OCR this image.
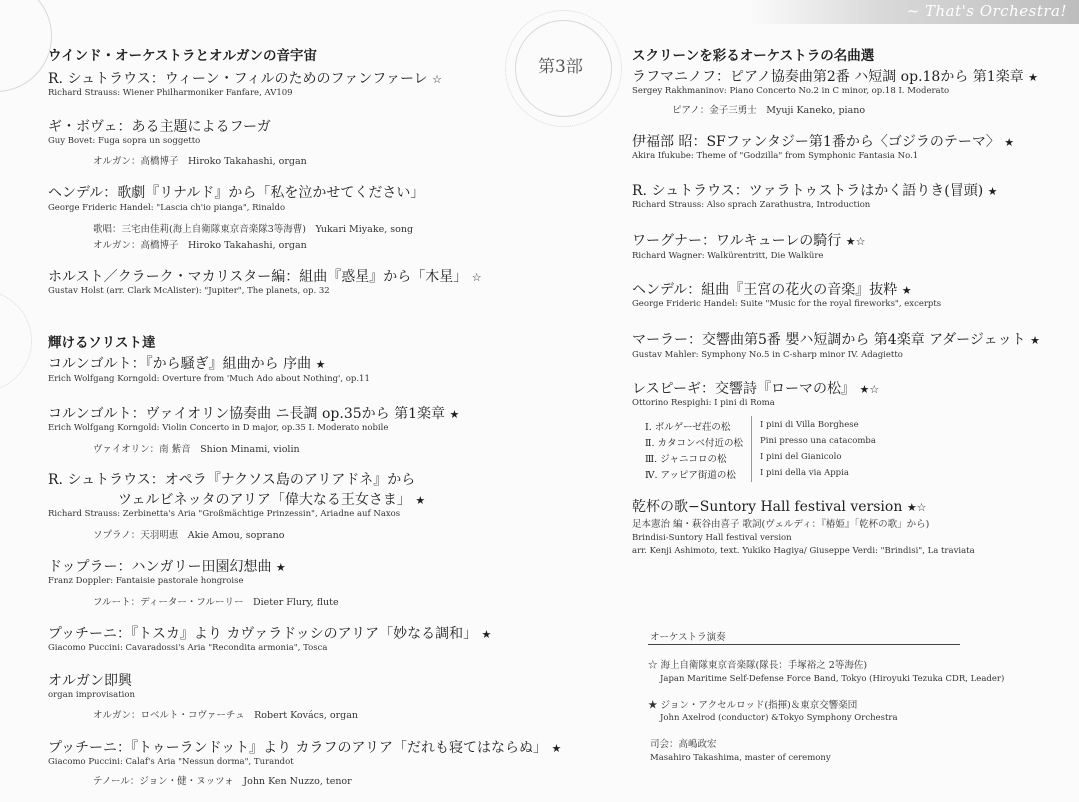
~ That's Orchestra!
第3部
ウインド・オーケストラとオルガンの音宇宙
R. シュトラウス：ウィーン・フィルのためのファンファーレ ☆
Richard Strauss: Wiener Philharmoniker Fanfare, AV109
ギ・ボヴェ：ある主題によるフーガ
Guy Bovet: Fuga sopra un soggetto
オルガン：高橋博子　Hiroko Takahashi, organ
ヘンデル：歌劇『リナルド』から「私を泣かせてください」
George Frideric Handel: "Lascia ch'io pianga", Rinaldo
歌唱：三宅由佳莉(海上自衛隊東京音楽隊3等海曹)　Yukari Miyake, song
オルガン：高橋博子　Hiroko Takahashi, organ
ホルスト／クラーク・マカリスター編：組曲『惑星』から「木星」 ☆
Gustav Holst (arr. Clark McAlister): "Jupiter", The planets, op. 32
輝けるソリスト達
コルンゴルト：『から騒ぎ』組曲から 序曲 ★
Erich Wolfgang Korngold: Overture from 'Much Ado about Nothing', op.11
コルンゴルト：ヴァイオリン協奏曲 ニ長調 op.35から 第1楽章 ★
Erich Wolfgang Korngold: Violin Concerto in D major, op.35 I. Moderato nobile
ヴァイオリン：南 紫音　Shion Minami, violin
R. シュトラウス：オペラ『ナクソス島のアリアドネ』から
ツェルビネッタのアリア「偉大なる王女さま」 ★
Richard Strauss: Zerbinetta's Aria "Großmächtige Prinzessin", Ariadne auf Naxos
ソプラノ：天羽明恵　Akie Amou, soprano
ドップラー：ハンガリー田園幻想曲 ★
Franz Doppler: Fantaisie pastorale hongroise
フルート：ディーター・フルーリー　Dieter Flury, flute
プッチーニ：『トスカ』より カヴァラドッシのアリア「妙なる調和」 ★
Giacomo Puccini: Cavaradossi's Aria "Recondita armonia", Tosca
オルガン即興
organ improvisation
オルガン：ロベルト・コヴァーチュ　Robert Kovács, organ
プッチーニ：『トゥーランドット』より カラフのアリア「だれも寝てはならぬ」 ★
Giacomo Puccini: Calaf's Aria "Nessun dorma", Turandot
テノール：ジョン・健・ヌッツォ　John Ken Nuzzo, tenor
スクリーンを彩るオーケストラの名曲選
ラフマニノフ：ピアノ協奏曲第2番 ハ短調 op.18から 第1楽章 ★
Sergey Rakhmaninov: Piano Concerto No.2 in C minor, op.18 I. Moderato
ピアノ：金子三勇士　Myuji Kaneko, piano
伊福部 昭：SFファンタジー第1番から〈ゴジラのテーマ〉 ★
Akira Ifukube: Theme of "Godzilla" from Symphonic Fantasia No.1
R. シュトラウス：ツァラトゥストラはかく語りき(冒頭) ★
Richard Strauss: Also sprach Zarathustra, Introduction
ワーグナー：ワルキューレの騎行 ★☆
Richard Wagner: Walkürentritt, Die Walküre
ヘンデル：組曲『王宮の花火の音楽』抜粋 ★
George Frideric Handel: Suite "Music for the royal fireworks", excerpts
マーラー：交響曲第5番 嬰ハ短調から 第4楽章 アダージェット ★
Gustav Mahler: Symphony No.5 in C-sharp minor IV. Adagietto
レスピーギ：交響詩『ローマの松』 ★☆
Ottorino Respighi: I pini di Roma
Ⅰ. ボルゲーゼ荘の松	I pini di Villa Borghese
Ⅱ. カタコンベ付近の松 Pini presso una catacomba
Ⅲ. ジャニコロの松	I pini del Gianicolo
Ⅳ. アッピア街道の松	I pini della via Appia
乾杯の歌−Suntory Hall festival version ★☆
足本憲治 編・萩谷由喜子 歌詞(ヴェルディ：『椿姫』「乾杯の歌」から)
Brindisi-Suntory Hall festival version
arr. Kenji Ashimoto, text. Yukiko Hagiya/ Giuseppe Verdi: "Brindisi", La traviata
オーケストラ演奏
☆ 海上自衛隊東京音楽隊(隊長：手塚裕之 2等海佐)
Japan Maritime Self-Defense Force Band, Tokyo (Hiroyuki Tezuka CDR, Leader)
★ ジョン・アクセルロッド(指揮)＆東京交響楽団
John Axelrod (conductor) &Tokyo Symphony Orchestra
司会：高嶋政宏
Masahiro Takashima, master of ceremony
